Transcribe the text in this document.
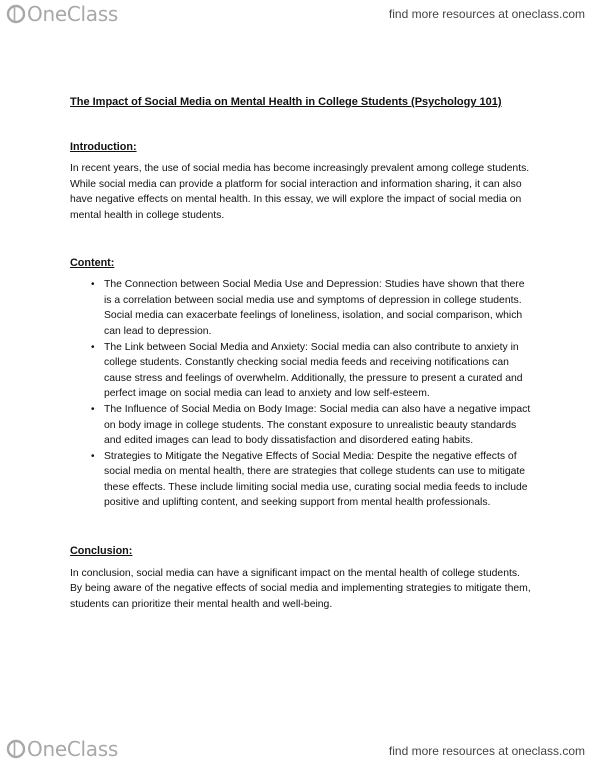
OneClass	find more resources at oneclass.com
The Impact of Social Media on Mental Health in College Students (Psychology 101)
Introduction:

In recent years, the use of social media has become increasingly prevalent among college students. While social media can provide a platform for social interaction and information sharing, it can also have negative effects on mental health. In this essay, we will explore the impact of social media on mental health in college students.

Content:
• The Connection between Social Media Use and Depression: Studies have shown that there is a correlation between social media use and symptoms of depression in college students. Social media can exacerbate feelings of loneliness, isolation, and social comparison, which can lead to depression.
• The Link between Social Media and Anxiety: Social media can also contribute to anxiety in college students. Constantly checking social media feeds and receiving notifications can cause stress and feelings of overwhelm. Additionally, the pressure to present a curated and perfect image on social media can lead to anxiety and low self-esteem.
• The Influence of Social Media on Body Image: Social media can also have a negative impact on body image in college students. The constant exposure to unrealistic beauty standards and edited images can lead to body dissatisfaction and disordered eating habits.
• Strategies to Mitigate the Negative Effects of Social Media: Despite the negative effects of social media on mental health, there are strategies that college students can use to mitigate these effects. These include limiting social media use, curating social media feeds to include positive and uplifting content, and seeking support from mental health professionals.
Conclusion:

In conclusion, social media can have a significant impact on the mental health of college students. By being aware of the negative effects of social media and implementing strategies to mitigate them, students can prioritize their mental health and well-being.

OneClass	find more resources at oneclass.com
